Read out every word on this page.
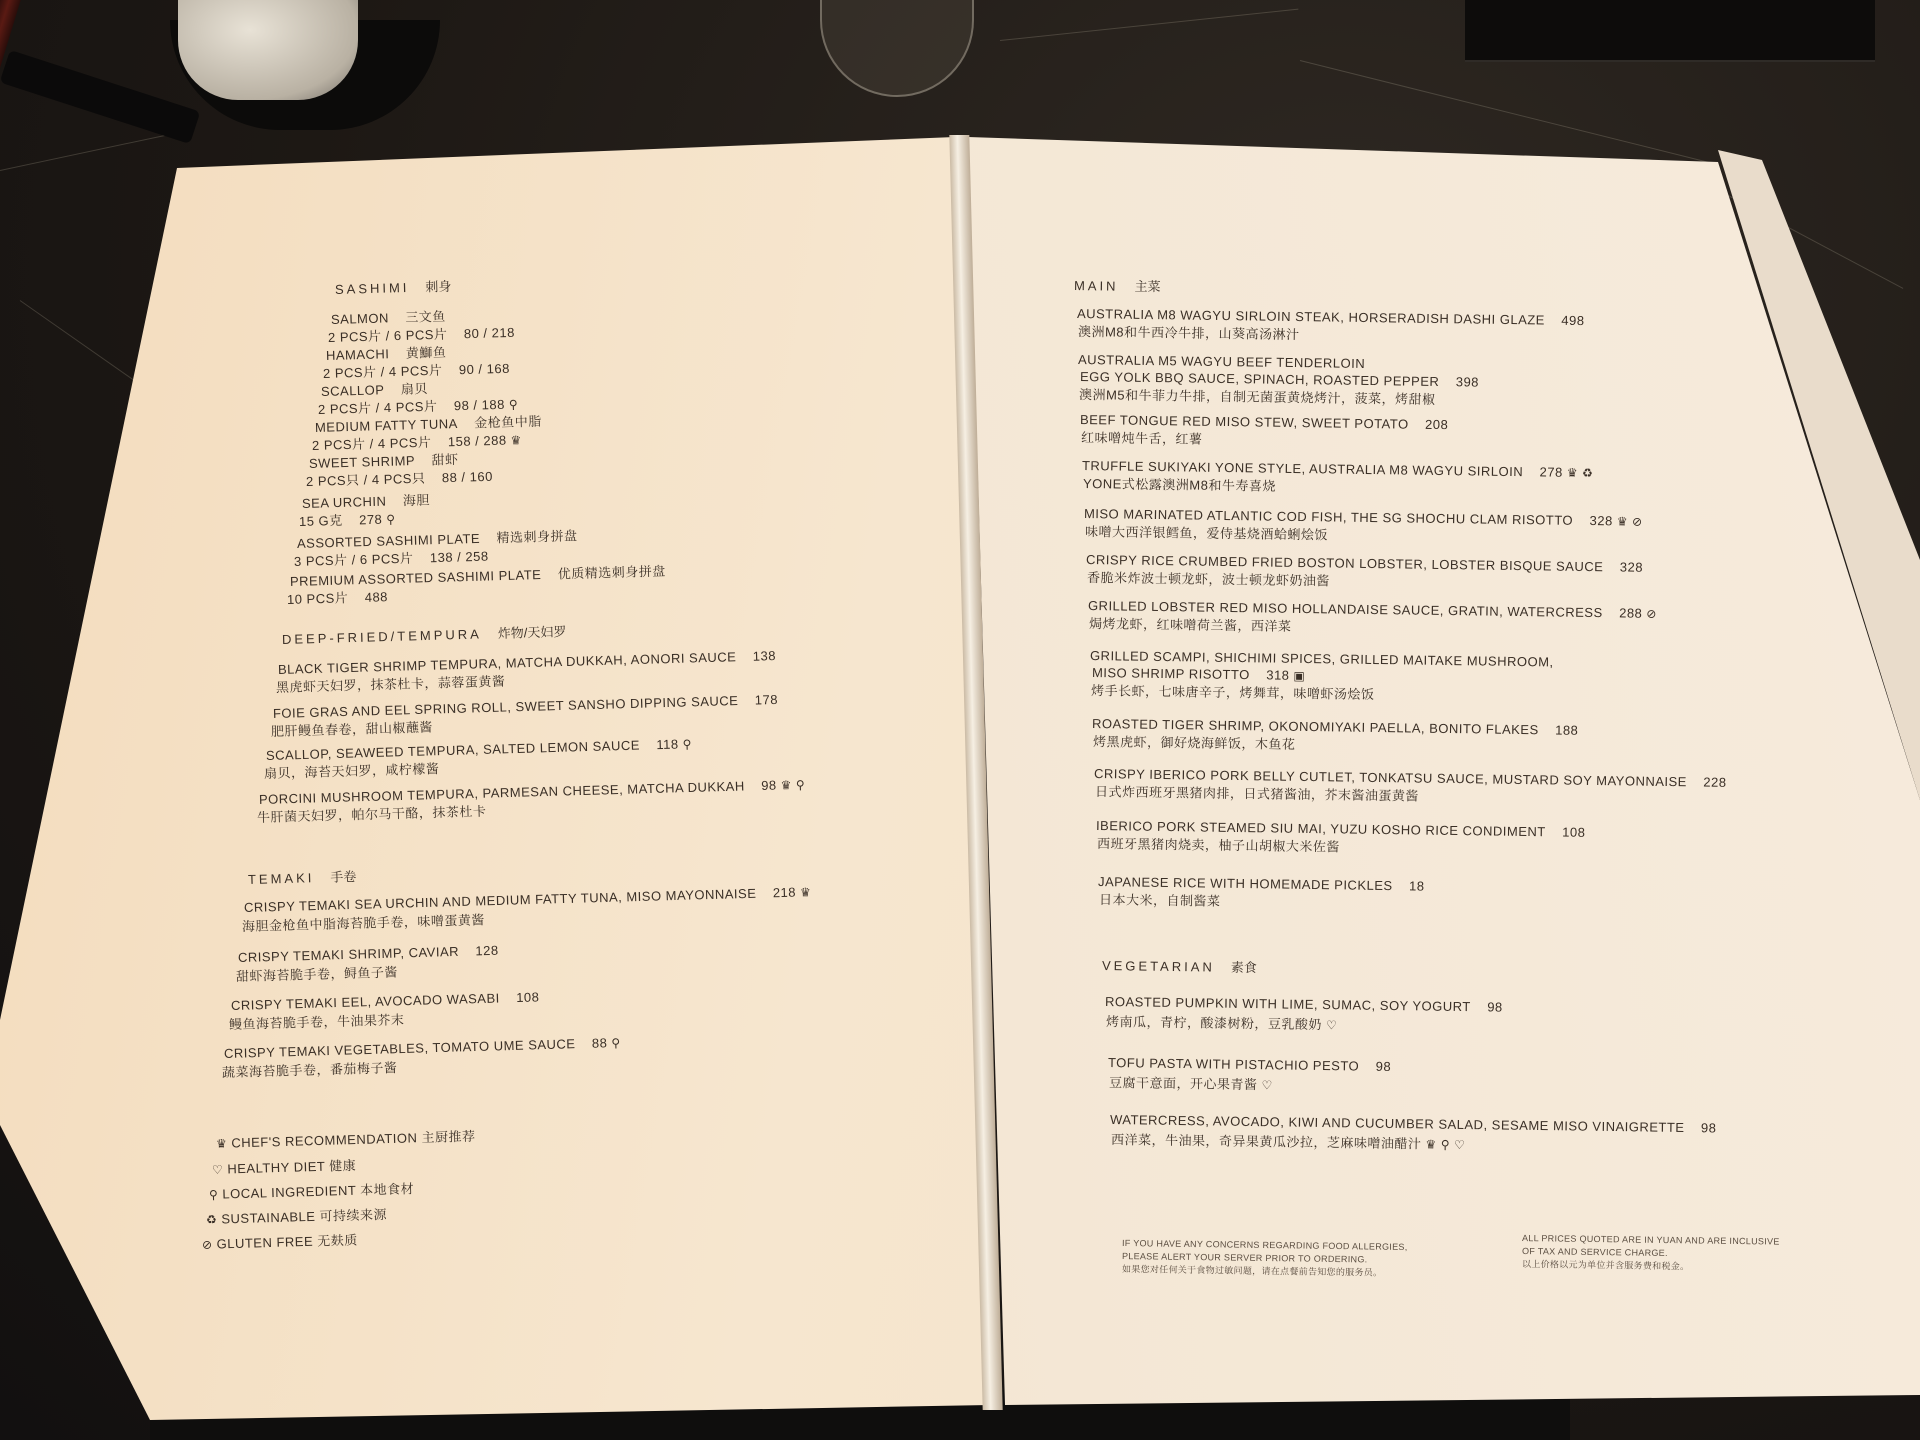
SASHIMI 刺身
SALMON 三文鱼
2 PCS片 / 6 PCS片 80 / 218
HAMACHI 黄鰤鱼
2 PCS片 / 4 PCS片 90 / 168
SCALLOP 扇贝
2 PCS片 / 4 PCS片 98 / 188 ⚲
MEDIUM FATTY TUNA 金枪鱼中脂
2 PCS片 / 4 PCS片 158 / 288 ♛
SWEET SHRIMP 甜虾
2 PCS只 / 4 PCS只 88 / 160
SEA URCHIN 海胆
15 G克 278 ⚲
ASSORTED SASHIMI PLATE 精选刺身拼盘
3 PCS片 / 6 PCS片 138 / 258
PREMIUM ASSORTED SASHIMI PLATE 优质精选刺身拼盘
10 PCS片 488
DEEP-FRIED/TEMPURA 炸物/天妇罗
BLACK TIGER SHRIMP TEMPURA, MATCHA DUKKAH, AONORI SAUCE 138
黑虎虾天妇罗，抹茶杜卡，蒜蓉蛋黄酱
FOIE GRAS AND EEL SPRING ROLL, SWEET SANSHO DIPPING SAUCE 178
肥肝鳗鱼春卷，甜山椒蘸酱
SCALLOP, SEAWEED TEMPURA, SALTED LEMON SAUCE 118 ⚲
扇贝，海苔天妇罗，咸柠檬酱
PORCINI MUSHROOM TEMPURA, PARMESAN CHEESE, MATCHA DUKKAH 98 ♛ ⚲
牛肝菌天妇罗，帕尔马干酪，抹茶杜卡
TEMAKI 手卷
CRISPY TEMAKI SEA URCHIN AND MEDIUM FATTY TUNA, MISO MAYONNAISE 218 ♛
海胆金枪鱼中脂海苔脆手卷，味噌蛋黄酱
CRISPY TEMAKI SHRIMP, CAVIAR 128
甜虾海苔脆手卷，鲟鱼子酱
CRISPY TEMAKI EEL, AVOCADO WASABI 108
鳗鱼海苔脆手卷，牛油果芥末
CRISPY TEMAKI VEGETABLES, TOMATO UME SAUCE 88 ⚲
蔬菜海苔脆手卷，番茄梅子酱
♛ CHEF'S RECOMMENDATION 主厨推荐
♡ HEALTHY DIET 健康
⚲ LOCAL INGREDIENT 本地食材
♻ SUSTAINABLE 可持续来源
⊘ GLUTEN FREE 无麸质
MAIN 主菜
AUSTRALIA M8 WAGYU SIRLOIN STEAK, HORSERADISH DASHI GLAZE 498
澳洲M8和牛西冷牛排，山葵高汤淋汁
AUSTRALIA M5 WAGYU BEEF TENDERLOIN
EGG YOLK BBQ SAUCE, SPINACH, ROASTED PEPPER 398
澳洲M5和牛菲力牛排，自制无菌蛋黄烧烤汁，菠菜，烤甜椒
BEEF TONGUE RED MISO STEW, SWEET POTATO 208
红味噌炖牛舌，红薯
TRUFFLE SUKIYAKI YONE STYLE, AUSTRALIA M8 WAGYU SIRLOIN 278 ♛ ♻
YONE式松露澳洲M8和牛寿喜烧
MISO MARINATED ATLANTIC COD FISH, THE SG SHOCHU CLAM RISOTTO 328 ♛ ⊘
味噌大西洋银鳕鱼，爱侍基烧酒蛤蜊烩饭
CRISPY RICE CRUMBED FRIED BOSTON LOBSTER, LOBSTER BISQUE SAUCE 328
香脆米炸波士顿龙虾，波士顿龙虾奶油酱
GRILLED LOBSTER RED MISO HOLLANDAISE SAUCE, GRATIN, WATERCRESS 288 ⊘
焗烤龙虾，红味噌荷兰酱，西洋菜
GRILLED SCAMPI, SHICHIMI SPICES, GRILLED MAITAKE MUSHROOM,
MISO SHRIMP RISOTTO 318 ▣
烤手长虾，七味唐辛子，烤舞茸，味噌虾汤烩饭
ROASTED TIGER SHRIMP, OKONOMIYAKI PAELLA, BONITO FLAKES 188
烤黑虎虾，御好烧海鲜饭，木鱼花
CRISPY IBERICO PORK BELLY CUTLET, TONKATSU SAUCE, MUSTARD SOY MAYONNAISE 228
日式炸西班牙黑猪肉排，日式猪酱油，芥末酱油蛋黄酱
IBERICO PORK STEAMED SIU MAI, YUZU KOSHO RICE CONDIMENT 108
西班牙黑猪肉烧卖，柚子山胡椒大米佐酱
JAPANESE RICE WITH HOMEMADE PICKLES 18
日本大米，自制酱菜
VEGETARIAN 素食
ROASTED PUMPKIN WITH LIME, SUMAC, SOY YOGURT 98
烤南瓜，青柠，酸漆树粉，豆乳酸奶 ♡
TOFU PASTA WITH PISTACHIO PESTO 98
豆腐干意面，开心果青酱 ♡
WATERCRESS, AVOCADO, KIWI AND CUCUMBER SALAD, SESAME MISO VINAIGRETTE 98
西洋菜，牛油果，奇异果黄瓜沙拉，芝麻味噌油醋汁 ♛ ⚲ ♡
IF YOU HAVE ANY CONCERNS REGARDING FOOD ALLERGIES,
PLEASE ALERT YOUR SERVER PRIOR TO ORDERING.
如果您对任何关于食物过敏问题，请在点餐前告知您的服务员。
ALL PRICES QUOTED ARE IN YUAN AND ARE INCLUSIVE
OF TAX AND SERVICE CHARGE.
以上价格以元为单位并含服务费和税金。
